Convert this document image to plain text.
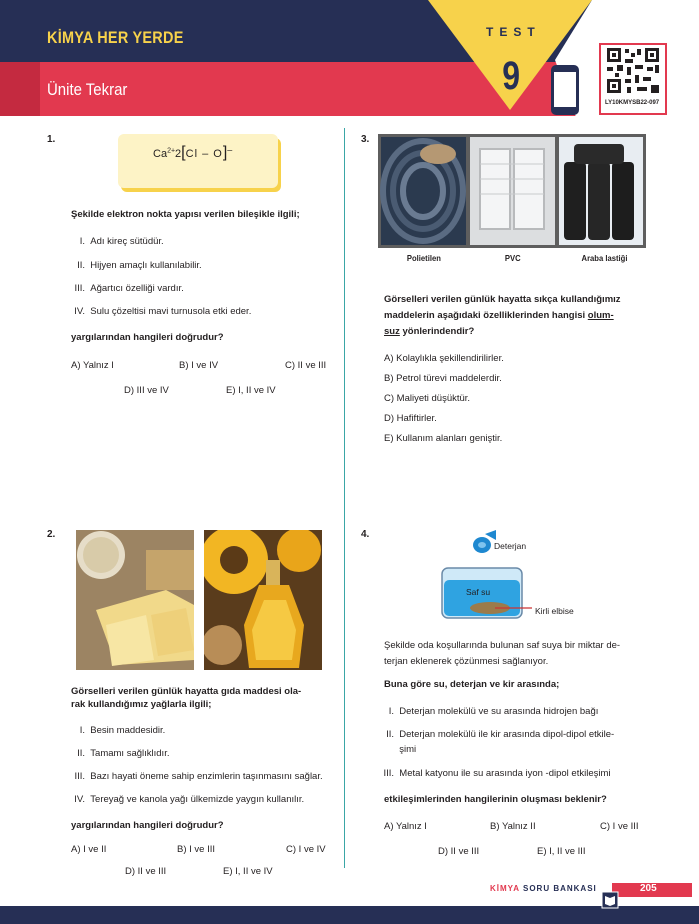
KİMYA HER YERDE
Ünite Tekrar
TEST
9
LY10KMYSB22-097
1.
$Ca^{2+}2[Cl - O]^-$
Şekilde elektron nokta yapısı verilen bileşikle ilgili;
I. Adı kireç sütüdür.
II. Hijyen amaçlı kullanılabilir.
III. Ağartıcı özelliği vardır.
IV. Sulu çözeltisi mavi turnusola etki eder.
yargılarından hangileri doğrudur?
A) Yalnız I	B) I ve IV	C) II ve III
D) III ve IV	E) I, II ve IV
2.
Görselleri verilen günlük hayatta gıda maddesi ola-
rak kullandığımız yağlarla ilgili;
I. Besin maddesidir.
II. Tamamı sağlıklıdır.
III. Bazı hayati öneme sahip enzimlerin taşınmasını sağlar.
IV. Tereyağ ve kanola yağı ülkemizde yaygın kullanılır.
yargılarından hangileri doğrudur?
A) I ve II	B) I ve III	C) I ve IV
D) II ve III	E) I, II ve IV
3.
Polietilen	PVC	Araba lastiği
Görselleri verilen günlük hayatta sıkça kullandığımız
maddelerin aşağıdaki özelliklerinden hangisi olum-
suz yönlerindendir?
A) Kolaylıkla şekillendirilirler.
B) Petrol türevi maddelerdir.
C) Maliyeti düşüktür.
D) Hafiftirler.
E) Kullanım alanları geniştir.
4.
Deterjan
Saf su
Kirli elbise
Şekilde oda koşullarında bulunan saf suya bir miktar de-
terjan eklenerek çözünmesi sağlanıyor.
Buna göre su, deterjan ve kir arasında;
I. Deterjan molekülü ve su arasında hidrojen bağı
II. Deterjan molekülü ile kir arasında dipol-dipol etkile-
şimi
III. Metal katyonu ile su arasında iyon -dipol etkileşimi
etkileşimlerinden hangilerinin oluşması beklenir?
A) Yalnız I	B) Yalnız II	C) I ve III
D) II ve III	E) I, II ve III
KİMYA SORU BANKASI	205
